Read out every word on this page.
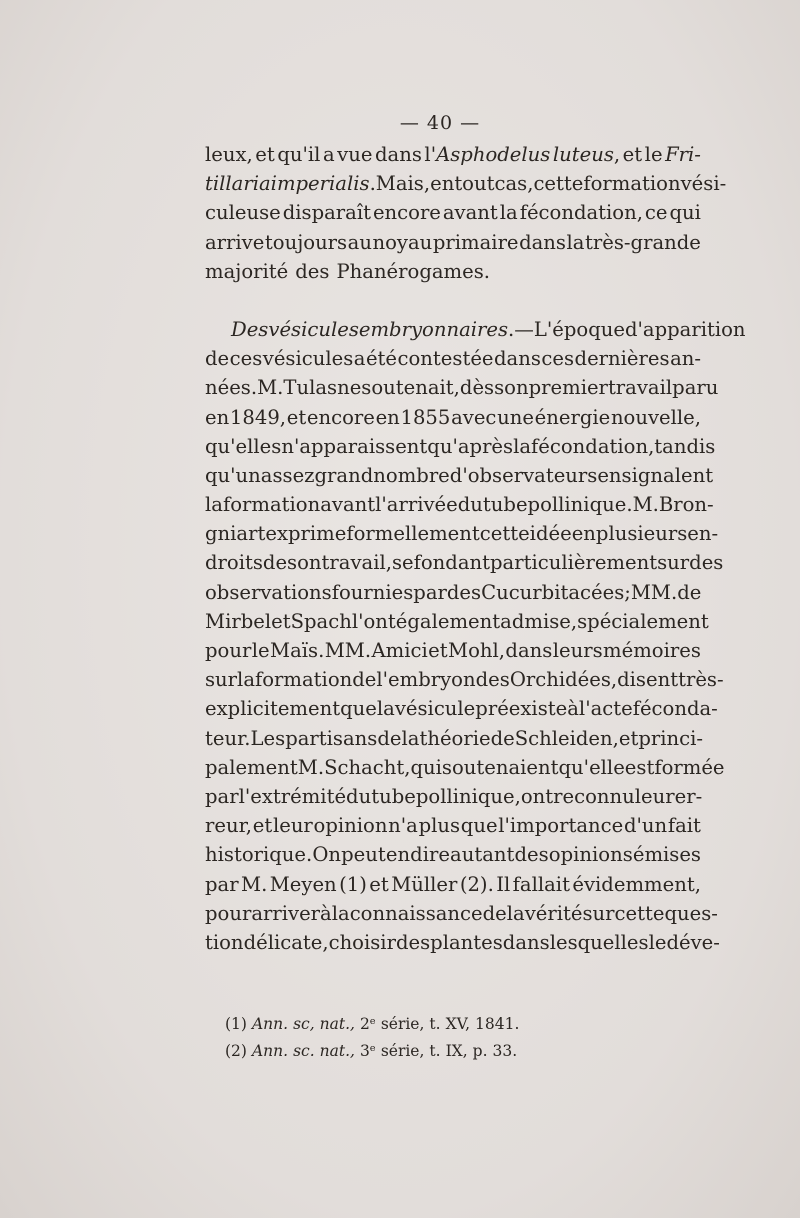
— 40 —
leux, et qu'il a vue dans l'Asphodelus luteus, et le Fri-
tillaria imperialis. Mais, en tout cas, cette formation vési-
culeuse disparaît encore avant la fécondation, ce qui
arrive toujours au noyau primaire dans la très-grande
majorité des Phanérogames.
Des vésicules embryonnaires. — L'époque d'apparition
de ces vésicules a été contestée dans ces dernières an-
nées. M. Tulasne soutenait, dès son premier travail paru
en 1849, et encore en 1855 avec une énergie nouvelle,
qu'elles n'apparaissent qu'après la fécondation, tandis
qu'un assez grand nombre d'observateurs en signalent
la formation avant l'arrivée du tube pollinique. M. Bron-
gniart exprime formellement cette idée en plusieurs en-
droits de son travail, se fondant particulièrement sur des
observations fournies par des Cucurbitacées; MM. de
Mirbel et Spach l'ont également admise, spécialement
pour le Maïs. MM. Amici et Mohl, dans leurs mémoires
sur la formation de l'embryon des Orchidées, disent très-
explicitement que la vésicule préexiste à l'acte féconda-
teur. Les partisans de la théorie de Schleiden, et princi-
palement M. Schacht, qui soutenaient qu'elle est formée
par l'extrémité du tube pollinique, ont reconnu leur er-
reur, et leur opinion n'a plus que l'importance d'un fait
historique. On peut en dire autant des opinions émises
par M. Meyen (1) et Müller (2). Il fallait évidemment,
pour arriver à la connaissance de la vérité sur cette ques-
tion délicate, choisir des plantes dans lesquelles le déve-
(1) Ann. sc, nat., 2ᵉ série, t. XV, 1841.
(2) Ann. sc. nat., 3ᵉ série, t. IX, p. 33.
